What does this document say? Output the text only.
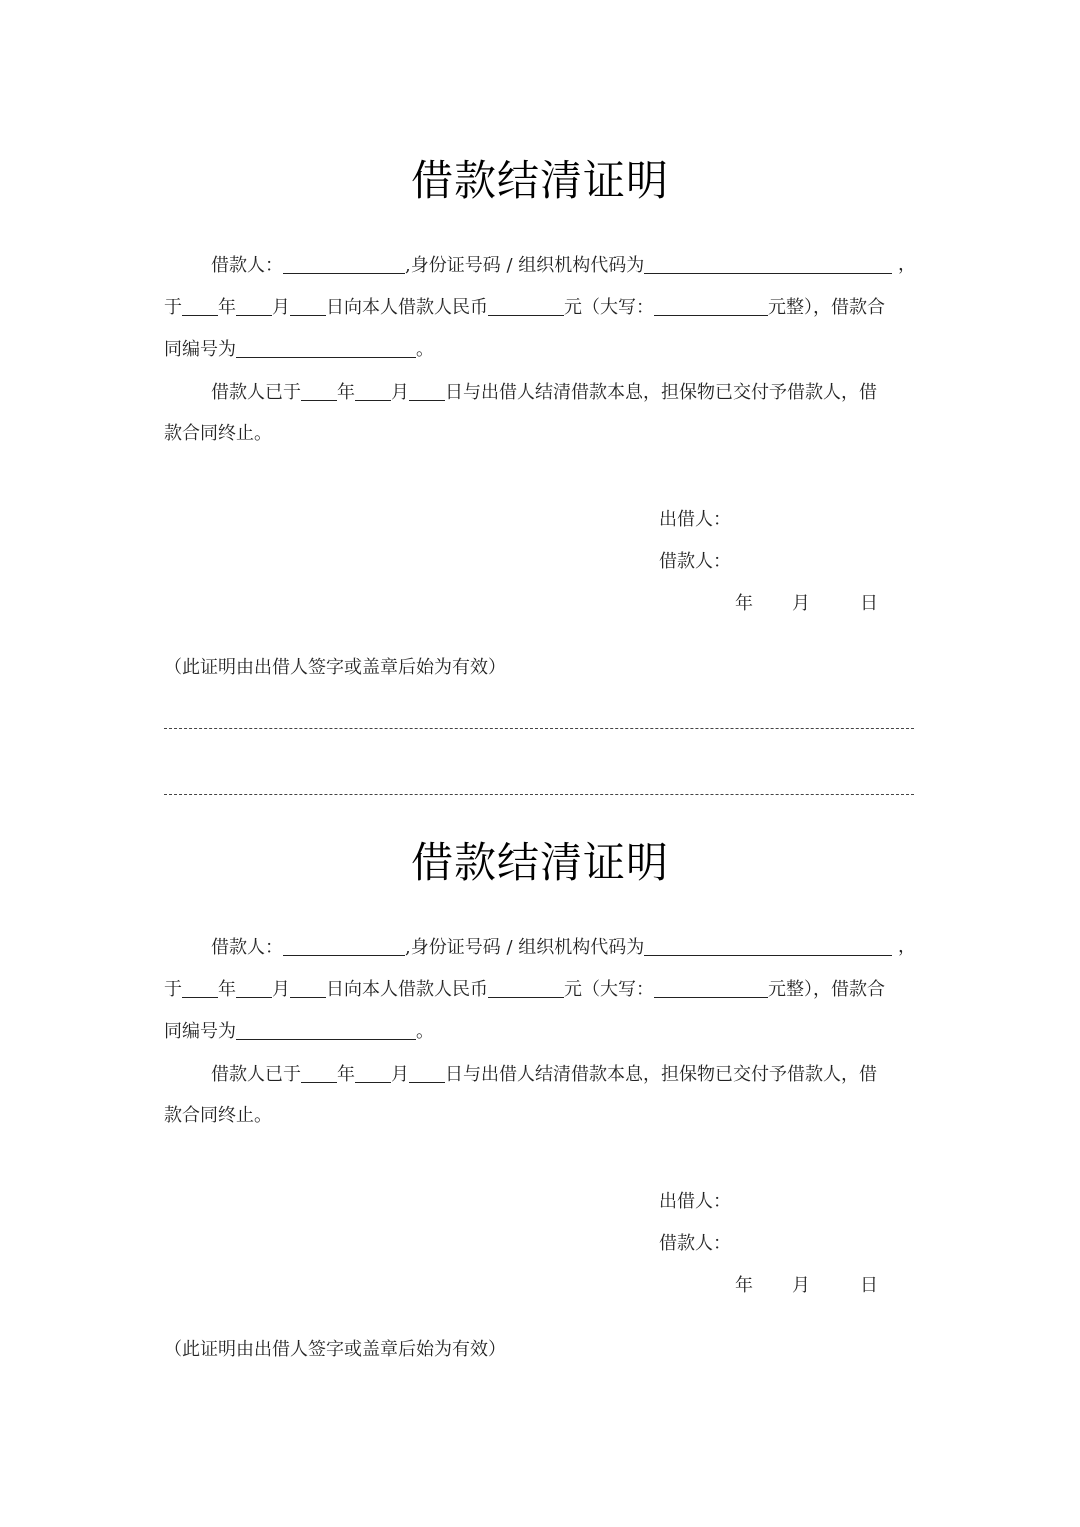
借款结清证明
借款人：	,身份证号码 / 组织机构代码为	，
于 年 月 日向本人借款人民币	元（大写：	元整），借款合
同编号为	。
借款人已于 年 月 日与出借人结清借款本息，担保物已交付予借款人，借
款合同终止。
出借人：
借款人：
年 月	日
（此证明由出借人签字或盖章后始为有效）
借款结清证明
借款人：	,身份证号码 / 组织机构代码为	，
于 年 月 日向本人借款人民币	元（大写：	元整），借款合
同编号为	。
借款人已于 年 月 日与出借人结清借款本息，担保物已交付予借款人，借
款合同终止。
出借人：
借款人：
年 月	日
（此证明由出借人签字或盖章后始为有效）
